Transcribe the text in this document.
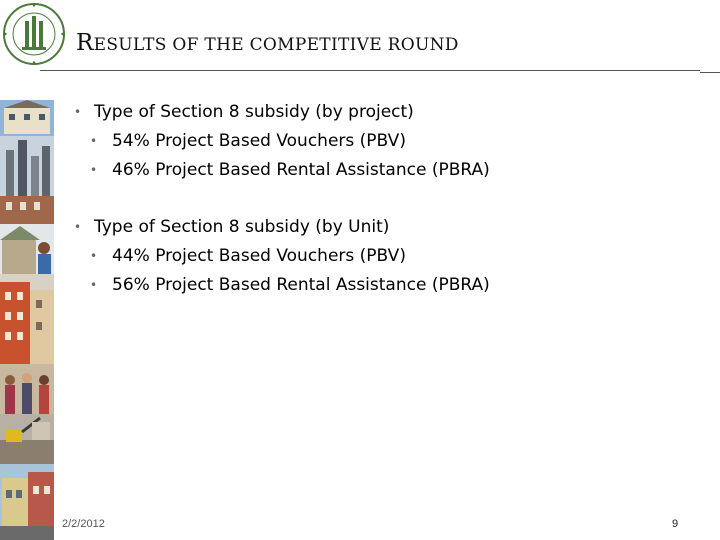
RESULTS OF THE COMPETITIVE ROUND
• Type of Section 8 subsidy (by project)
• 54% Project Based Vouchers (PBV)
• 46% Project Based Rental Assistance (PBRA)
• Type of Section 8 subsidy (by Unit)
• 44% Project Based Vouchers (PBV)
• 56% Project Based Rental Assistance (PBRA)
2/2/2012	9
